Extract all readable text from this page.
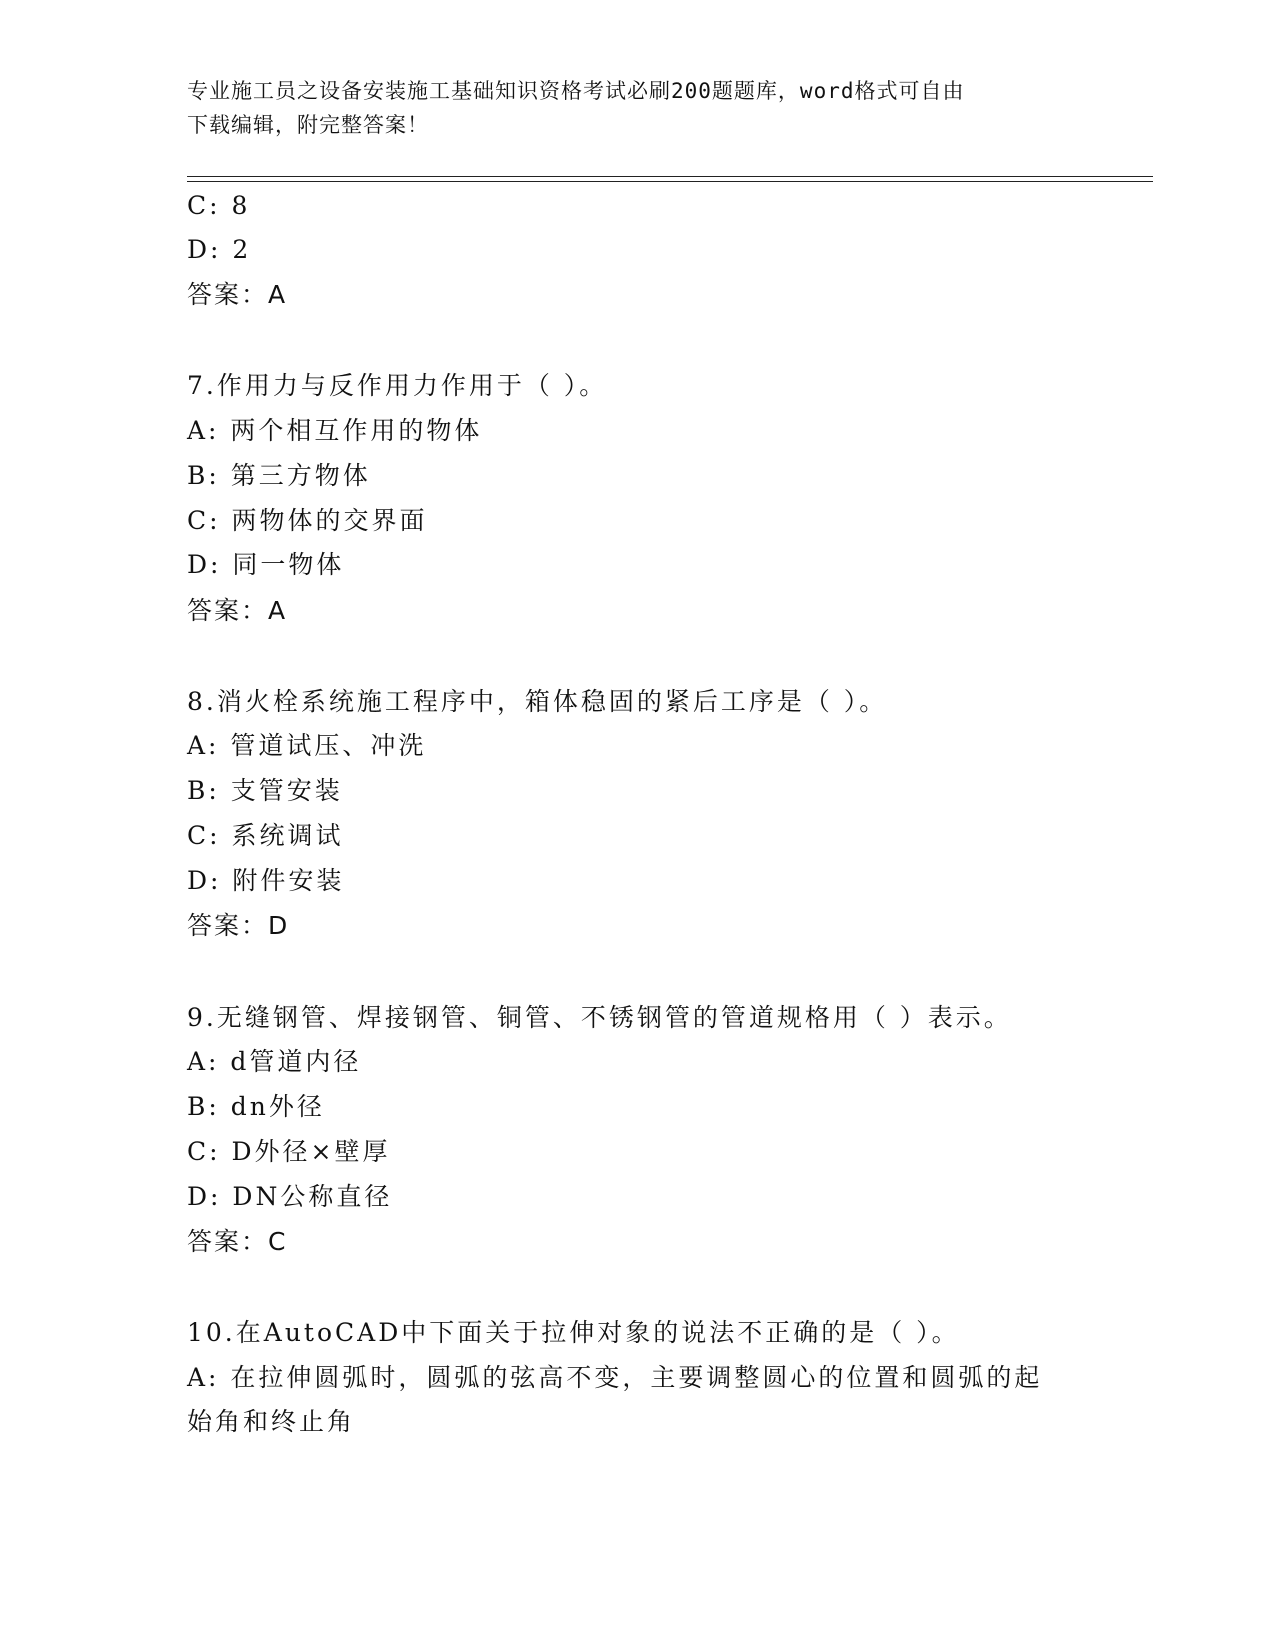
专业施工员之设备安装施工基础知识资格考试必刷200题题库，word格式可自由
下载编辑，附完整答案！
C: 8
D: 2
答案：A
7.作用力与反作用力作用于（ ）。
A: 两个相互作用的物体
B: 第三方物体
C: 两物体的交界面
D: 同一物体
答案：A
8.消火栓系统施工程序中，箱体稳固的紧后工序是（ ）。
A: 管道试压、冲洗
B: 支管安装
C: 系统调试
D: 附件安装
答案：D
9.无缝钢管、焊接钢管、铜管、不锈钢管的管道规格用（ ）表示。
A: d管道内径
B: dn外径
C: D外径×壁厚
D: DN公称直径
答案：C
10.在AutoCAD中下面关于拉伸对象的说法不正确的是（ ）。
A: 在拉伸圆弧时，圆弧的弦高不变，主要调整圆心的位置和圆弧的起
始角和终止角
